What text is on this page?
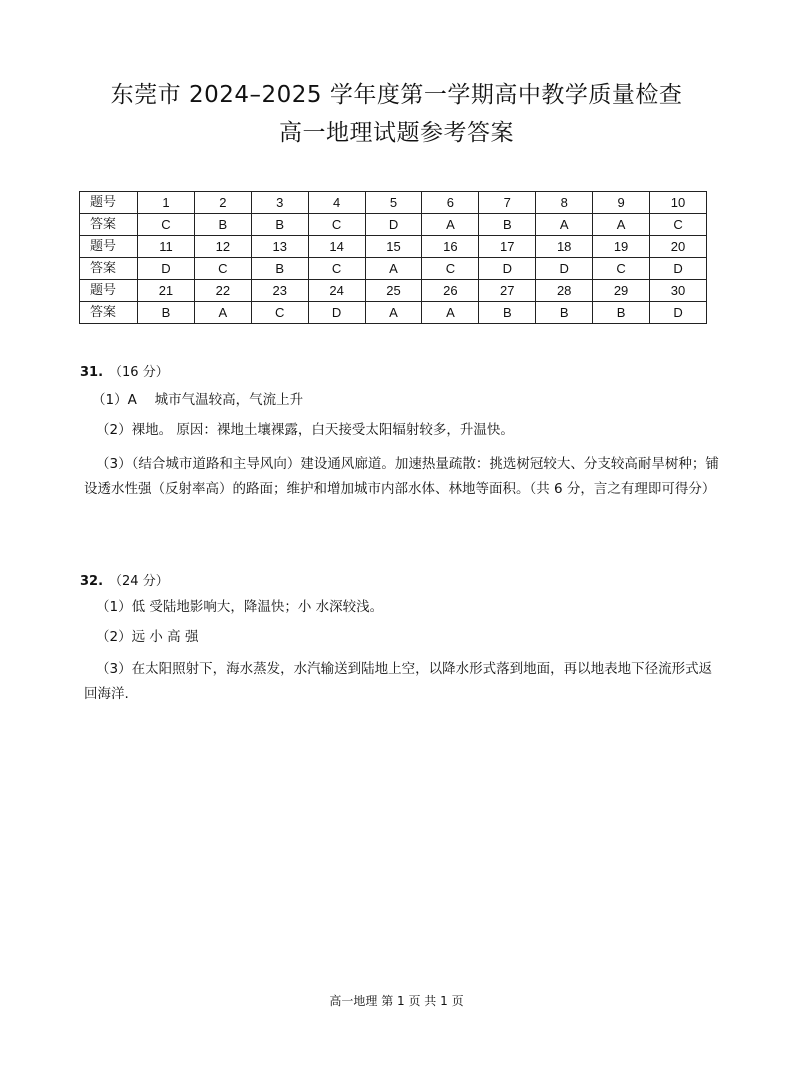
东莞市 2024–2025 学年度第一学期高中教学质量检查
高一地理试题参考答案
题号	1	2	3	4	5	6	7	8	9	10
答案	C	B	B	C	D	A	B	A	A	C
题号	11	12	13	14	15	16	17	18	19	20
答案	D	C	B	C	A	C	D	D	C	D
题号	21	22	23	24	25	26	27	28	29	30
答案	B	A	C	D	A	A	B	B	B	D
31. （16 分）
（1）A　 城市气温较高，气流上升
（2）裸地。 原因：裸地土壤裸露，白天接受太阳辐射较多，升温快。
（3）（结合城市道路和主导风向）建设通风廊道。加速热量疏散：挑选树冠较大、分支较高耐旱树种；铺设透水性强（反射率高）的路面；维护和增加城市内部水体、林地等面积。（共 6 分，言之有理即可得分）
32. （24 分）
（1）低 受陆地影响大，降温快；小 水深较浅。
（2）远 小 高 强
（3）在太阳照射下，海水蒸发，水汽输送到陆地上空，以降水形式落到地面，再以地表地下径流形式返回海洋.
高一地理 第 1 页 共 1 页
